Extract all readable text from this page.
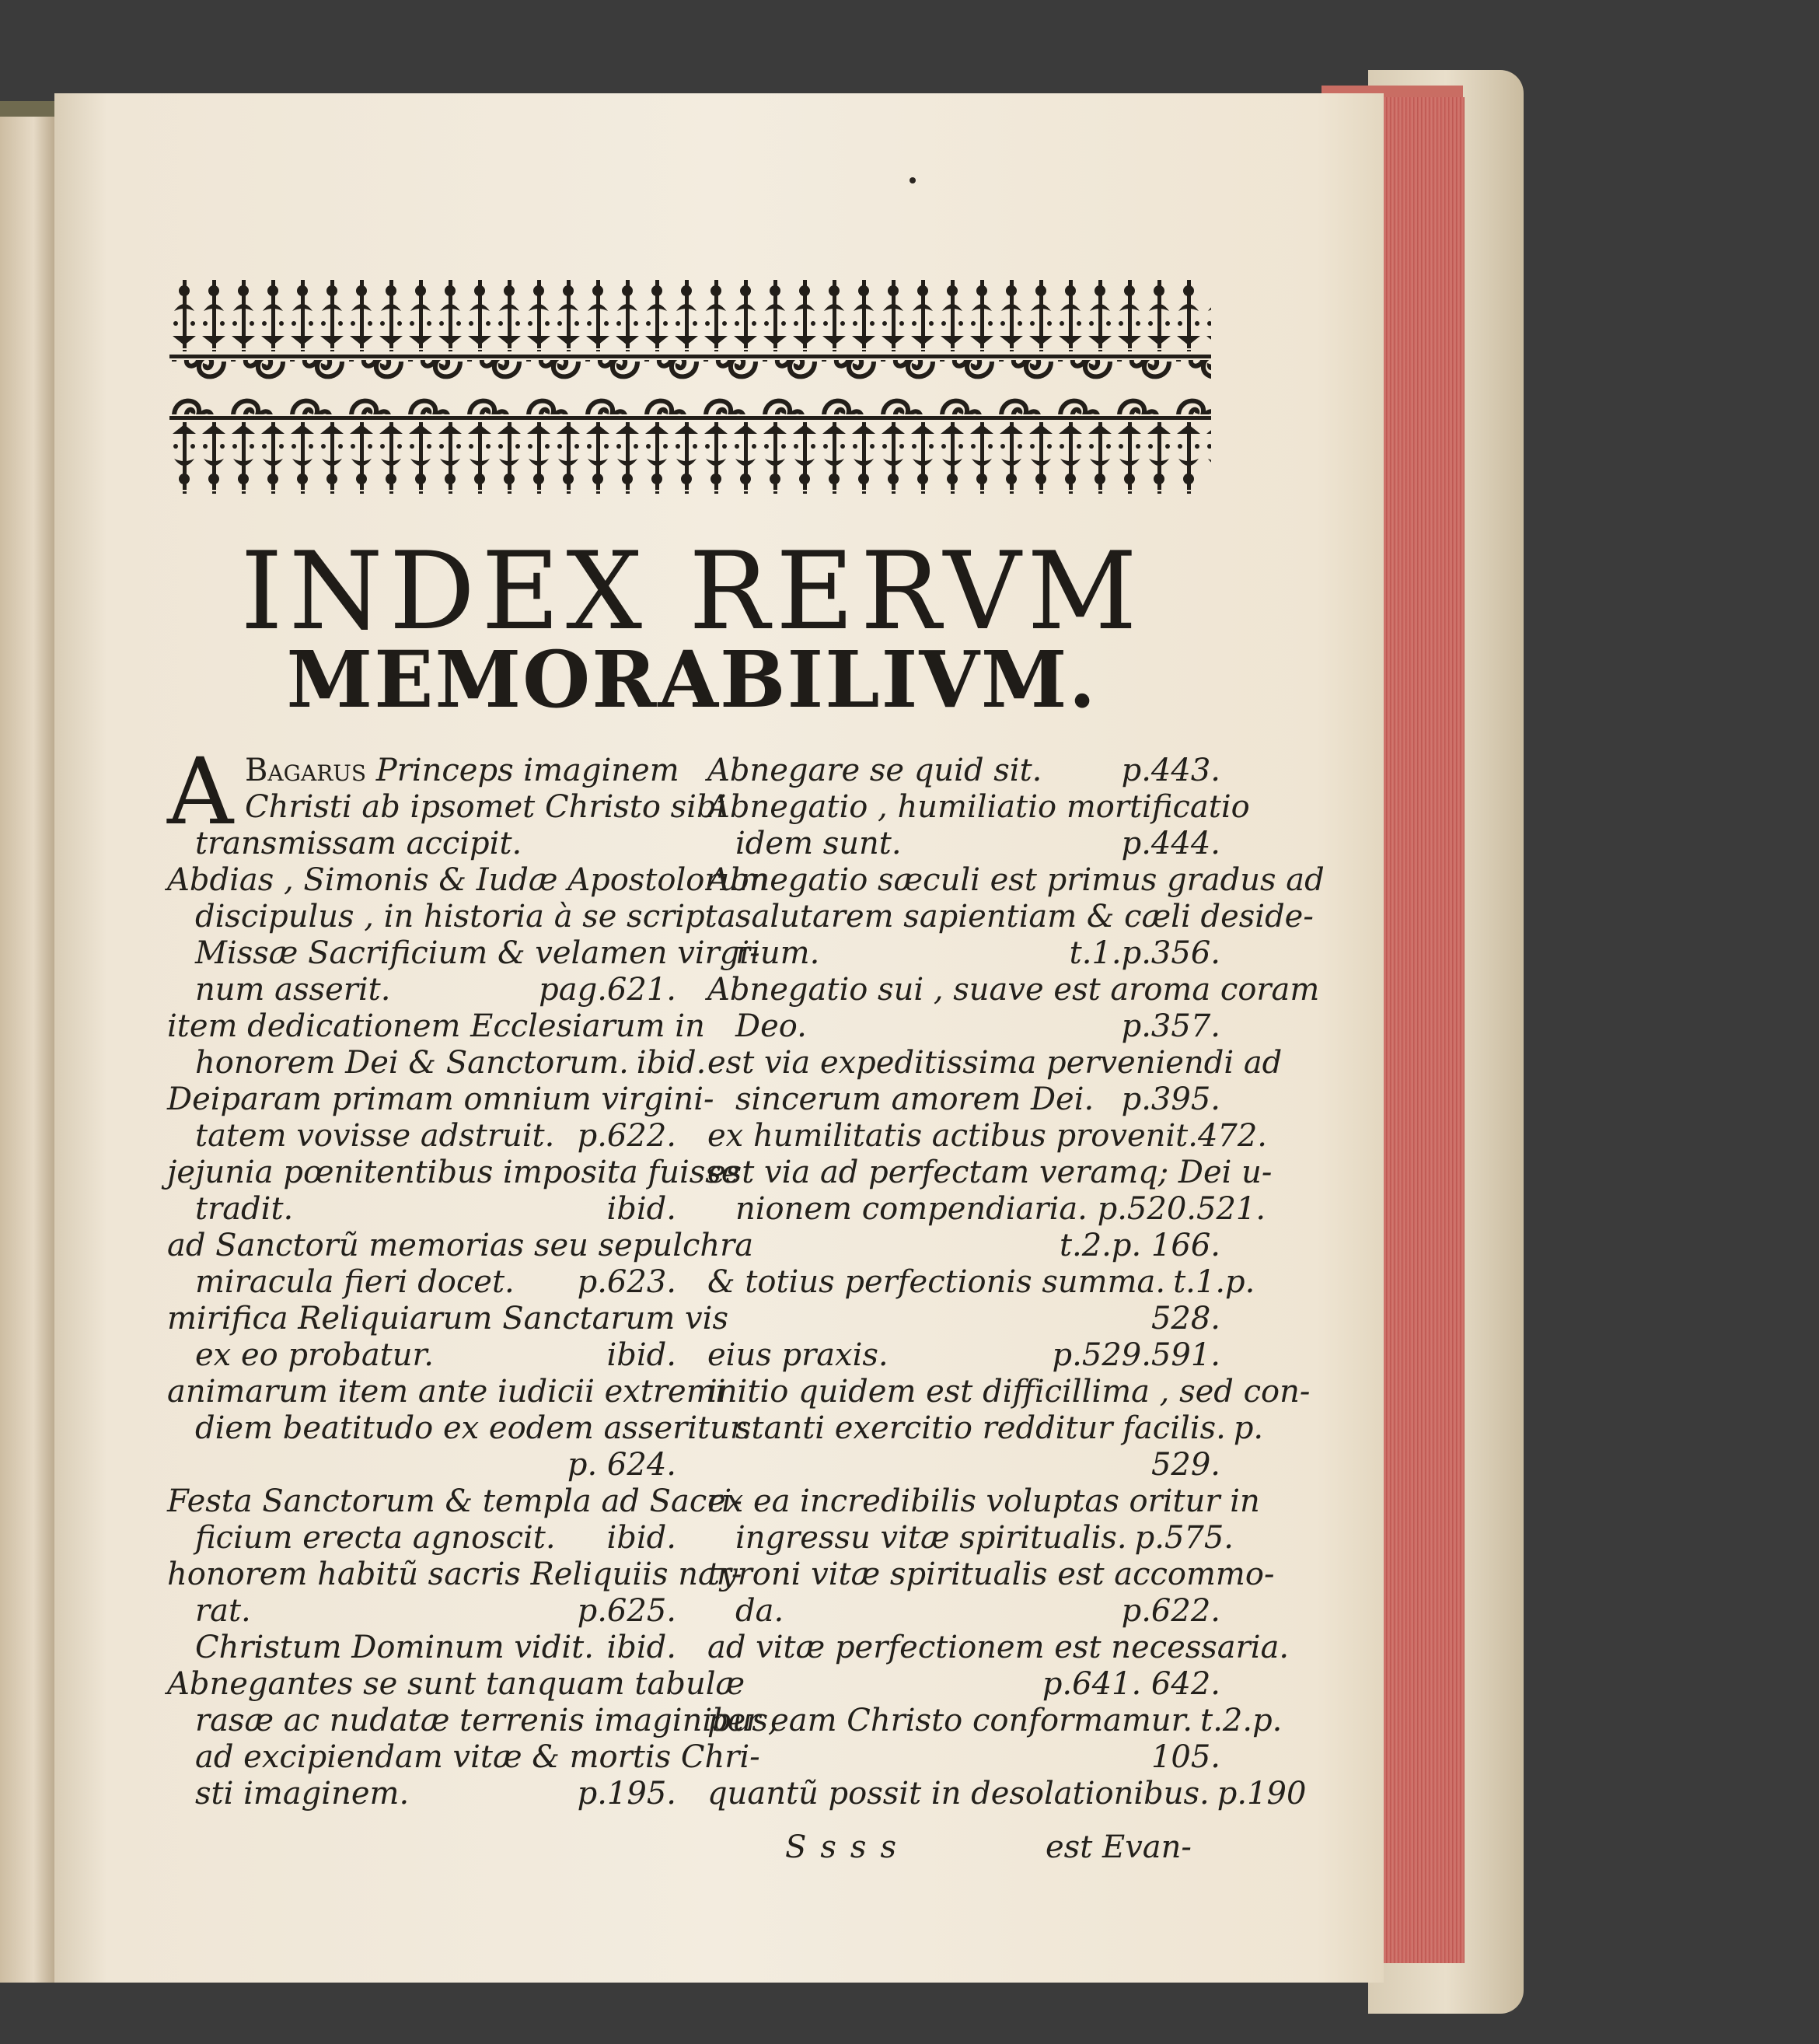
INDEX RERVM
MEMORABILIVM.
A Bagarus Princeps imaginem
Christi ab ipsomet Christo sibi
transmissam accipit.
Abdias , Simonis & Iudæ Apostolorum
discipulus , in historia à se scripta
Missæ Sacrificium & velamen virgi-
num asserit.	pag.621.
item dedicationem Ecclesiarum in
honorem Dei & Sanctorum. ibid.
Deiparam primam omnium virgini-
tatem vovisse adstruit. p.622.
jejunia pœnitentibus imposita fuisse
tradit.	ibid.
ad Sanctorũ memorias seu sepulchra
miracula fieri docet. p.623.
mirifica Reliquiarum Sanctarum vis
ex eo probatur.	ibid.
animarum item ante iudicii extremi
diem beatitudo ex eodem asseritur.
p. 624.
Festa Sanctorum & templa ad Sacri-
ficium erecta agnoscit. ibid.
honorem habitũ sacris Reliquiis nar-
rat.	p.625.
Christum Dominum vidit. ibid.
Abnegantes se sunt tanquam tabulæ
rasæ ac nudatæ terrenis imaginibus,
ad excipiendam vitæ & mortis Chri-
sti imaginem.	p.195.
Abnegare se quid sit.	p.443.
Abnegatio , humiliatio mortificatio
idem sunt.	p.444.
Abnegatio sæculi est primus gradus ad
salutarem sapientiam & cæli deside-
rium.	t.1.p.356.
Abnegatio sui , suave est aroma coram
Deo.	p.357.
est via expeditissima perveniendi ad
sincerum amorem Dei. p.395.
ex humilitatis actibus provenit.472.
est via ad perfectam veramq; Dei u-
nionem compendiaria. p.520.521.
t.2.p. 166.
& totius perfectionis summa. t.1.p.
528.
eius praxis.	p.529.591.
initio quidem est difficillima , sed con-
stanti exercitio redditur facilis. p.
529.
ex ea incredibilis voluptas oritur in
ingressu vitæ spiritualis. p.575.
tyroni vitæ spiritualis est accommo-
da.	p.622.
ad vitæ perfectionem est necessaria.
p.641. 642.
per eam Christo conformamur. t.2.p.
105.
quantũ possit in desolationibus. p.190
Ssss	est Evan-
